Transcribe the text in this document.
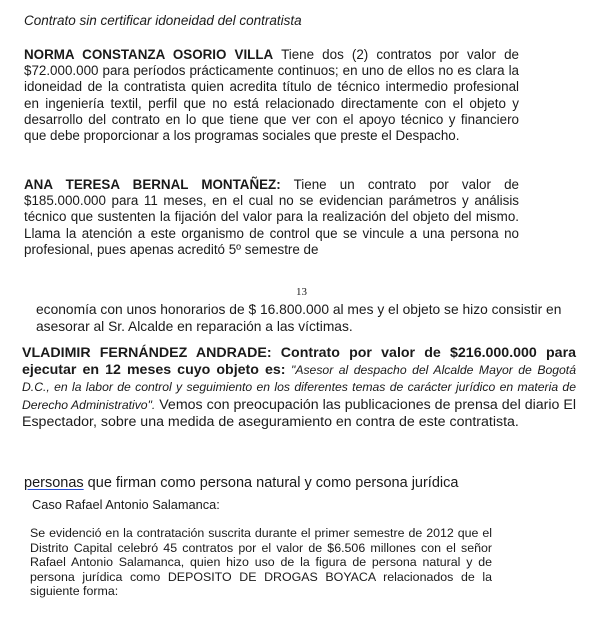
Contrato sin certificar idoneidad del contratista

NORMA CONSTANZA OSORIO VILLA Tiene dos (2) contratos por valor de $72.000.000 para períodos prácticamente continuos; en uno de ellos no es clara la idoneidad de la contratista quien acredita título de técnico intermedio profesional en ingeniería textil, perfil que no está relacionado directamente con el objeto y desarrollo del contrato en lo que tiene que ver con el apoyo técnico y financiero que debe proporcionar a los programas sociales que preste el Despacho.

ANA TERESA BERNAL MONTAÑEZ: Tiene un contrato por valor de $185.000.000 para 11 meses, en el cual no se evidencian parámetros y análisis técnico que sustenten la fijación del valor para la realización del objeto del mismo. Llama la atención a este organismo de control que se vincule a una persona no profesional, pues apenas acreditó 5º semestre de

13

economía con unos honorarios de $ 16.800.000 al mes y el objeto se hizo consistir en asesorar al Sr. Alcalde en reparación a las víctimas.

VLADIMIR FERNÁNDEZ ANDRADE: Contrato por valor de $216.000.000 para ejecutar en 12 meses cuyo objeto es: "Asesor al despacho del Alcalde Mayor de Bogotá D.C., en la labor de control y seguimiento en los diferentes temas de carácter jurídico en materia de Derecho Administrativo". Vemos con preocupación las publicaciones de prensa del diario El Espectador, sobre una medida de aseguramiento en contra de este contratista.

personas que firman como persona natural y como persona jurídica
Caso Rafael Antonio Salamanca:

Se evidenció en la contratación suscrita durante el primer semestre de 2012 que el Distrito Capital celebró 45 contratos por el valor de $6.506 millones con el señor Rafael Antonio Salamanca, quien hizo uso de la figura de persona natural y de persona jurídica como DEPOSITO DE DROGAS BOYACA relacionados de la siguiente forma:
